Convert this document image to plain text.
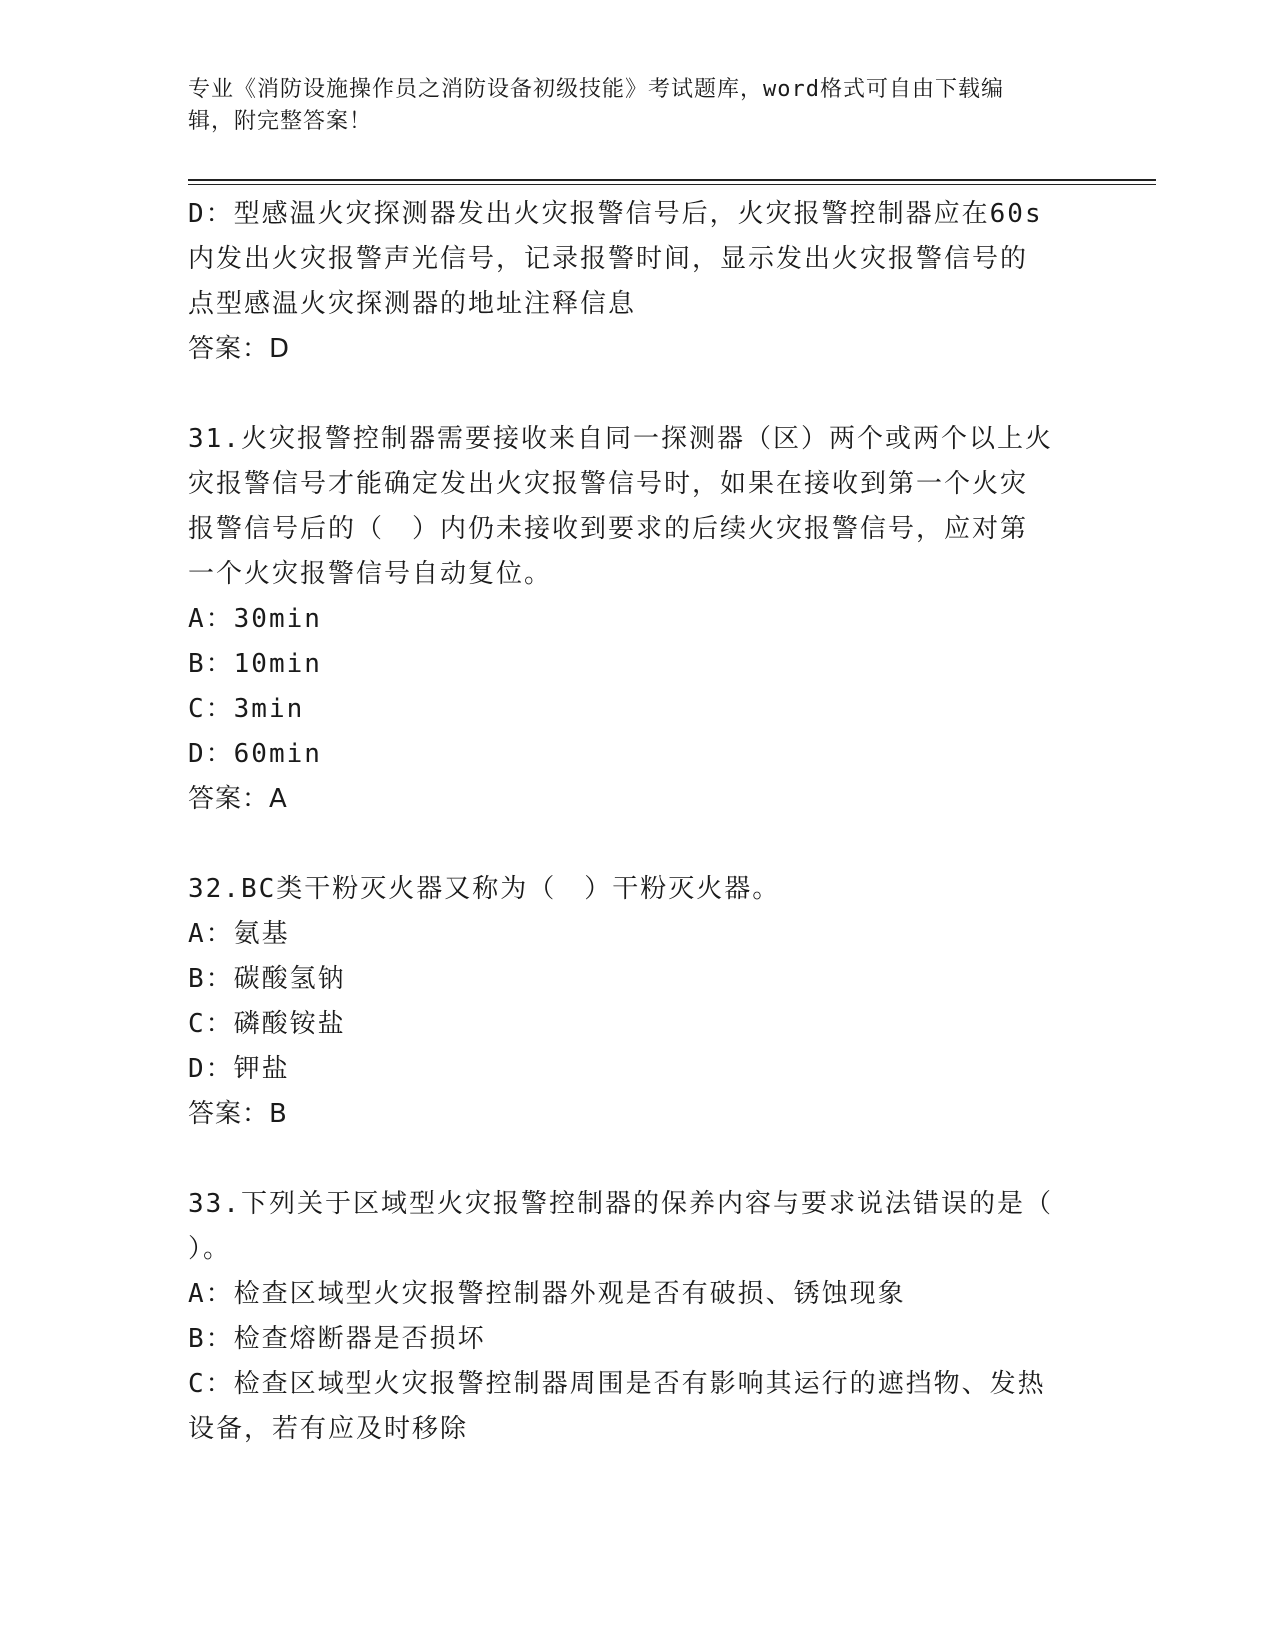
专业《消防设施操作员之消防设备初级技能》考试题库，word格式可自由下载编
辑，附完整答案！

D：型感温火灾探测器发出火灾报警信号后，火灾报警控制器应在60s

内发出火灾报警声光信号，记录报警时间，显示发出火灾报警信号的

点型感温火灾探测器的地址注释信息

答案：D

31.火灾报警控制器需要接收来自同一探测器（区）两个或两个以上火

灾报警信号才能确定发出火灾报警信号时，如果在接收到第一个火灾

报警信号后的（　）内仍未接收到要求的后续火灾报警信号，应对第

一个火灾报警信号自动复位。

A：30min

B：10min

C：3min

D：60min

答案：A

32.BC类干粉灭火器又称为（　）干粉灭火器。

A：氨基

B：碳酸氢钠

C：磷酸铵盐

D：钾盐

答案：B

33.下列关于区域型火灾报警控制器的保养内容与要求说法错误的是（

）。

A：检查区域型火灾报警控制器外观是否有破损、锈蚀现象

B：检查熔断器是否损坏

C：检查区域型火灾报警控制器周围是否有影响其运行的遮挡物、发热

设备，若有应及时移除
